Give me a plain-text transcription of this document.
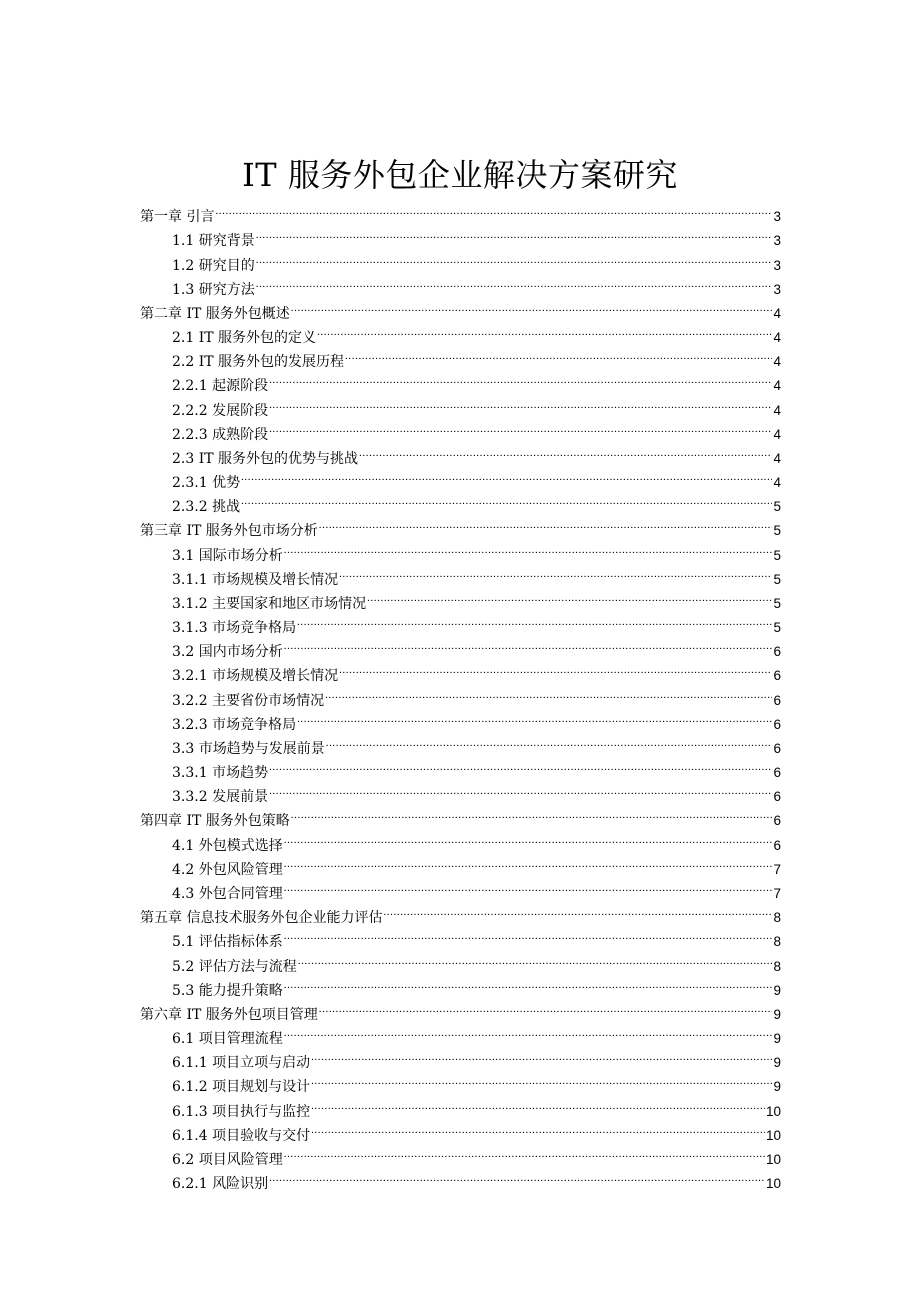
IT 服务外包企业解决方案研究
第一章 引言 .....	3
1.1 研究背景 .....	3
1.2 研究目的 .....	3
1.3 研究方法 .....	3
第二章 IT 服务外包概述 .....	4
2.1 IT 服务外包的定义 .....	4
2.2 IT 服务外包的发展历程 .....	4
2.2.1 起源阶段 .....	4
2.2.2 发展阶段 .....	4
2.2.3 成熟阶段 .....	4
2.3 IT 服务外包的优势与挑战 .....	4
2.3.1 优势 .....	4
2.3.2 挑战 .....	5
第三章 IT 服务外包市场分析 .....	5
3.1 国际市场分析 .....	5
3.1.1 市场规模及增长情况 .....	5
3.1.2 主要国家和地区市场情况 .....	5
3.1.3 市场竞争格局 .....	5
3.2 国内市场分析 .....	6
3.2.1 市场规模及增长情况 .....	6
3.2.2 主要省份市场情况 .....	6
3.2.3 市场竞争格局 .....	6
3.3 市场趋势与发展前景 .....	6
3.3.1 市场趋势 .....	6
3.3.2 发展前景 .....	6
第四章 IT 服务外包策略 .....	6
4.1 外包模式选择 .....	6
4.2 外包风险管理 .....	7
4.3 外包合同管理 .....	7
第五章 信息技术服务外包企业能力评估 .....	8
5.1 评估指标体系 .....	8
5.2 评估方法与流程 .....	8
5.3 能力提升策略 .....	9
第六章 IT 服务外包项目管理 .....	9
6.1 项目管理流程 .....	9
6.1.1 项目立项与启动 .....	9
6.1.2 项目规划与设计 .....	9
6.1.3 项目执行与监控 .....	10
6.1.4 项目验收与交付 .....	10
6.2 项目风险管理 .....	10
6.2.1 风险识别 .....	10
